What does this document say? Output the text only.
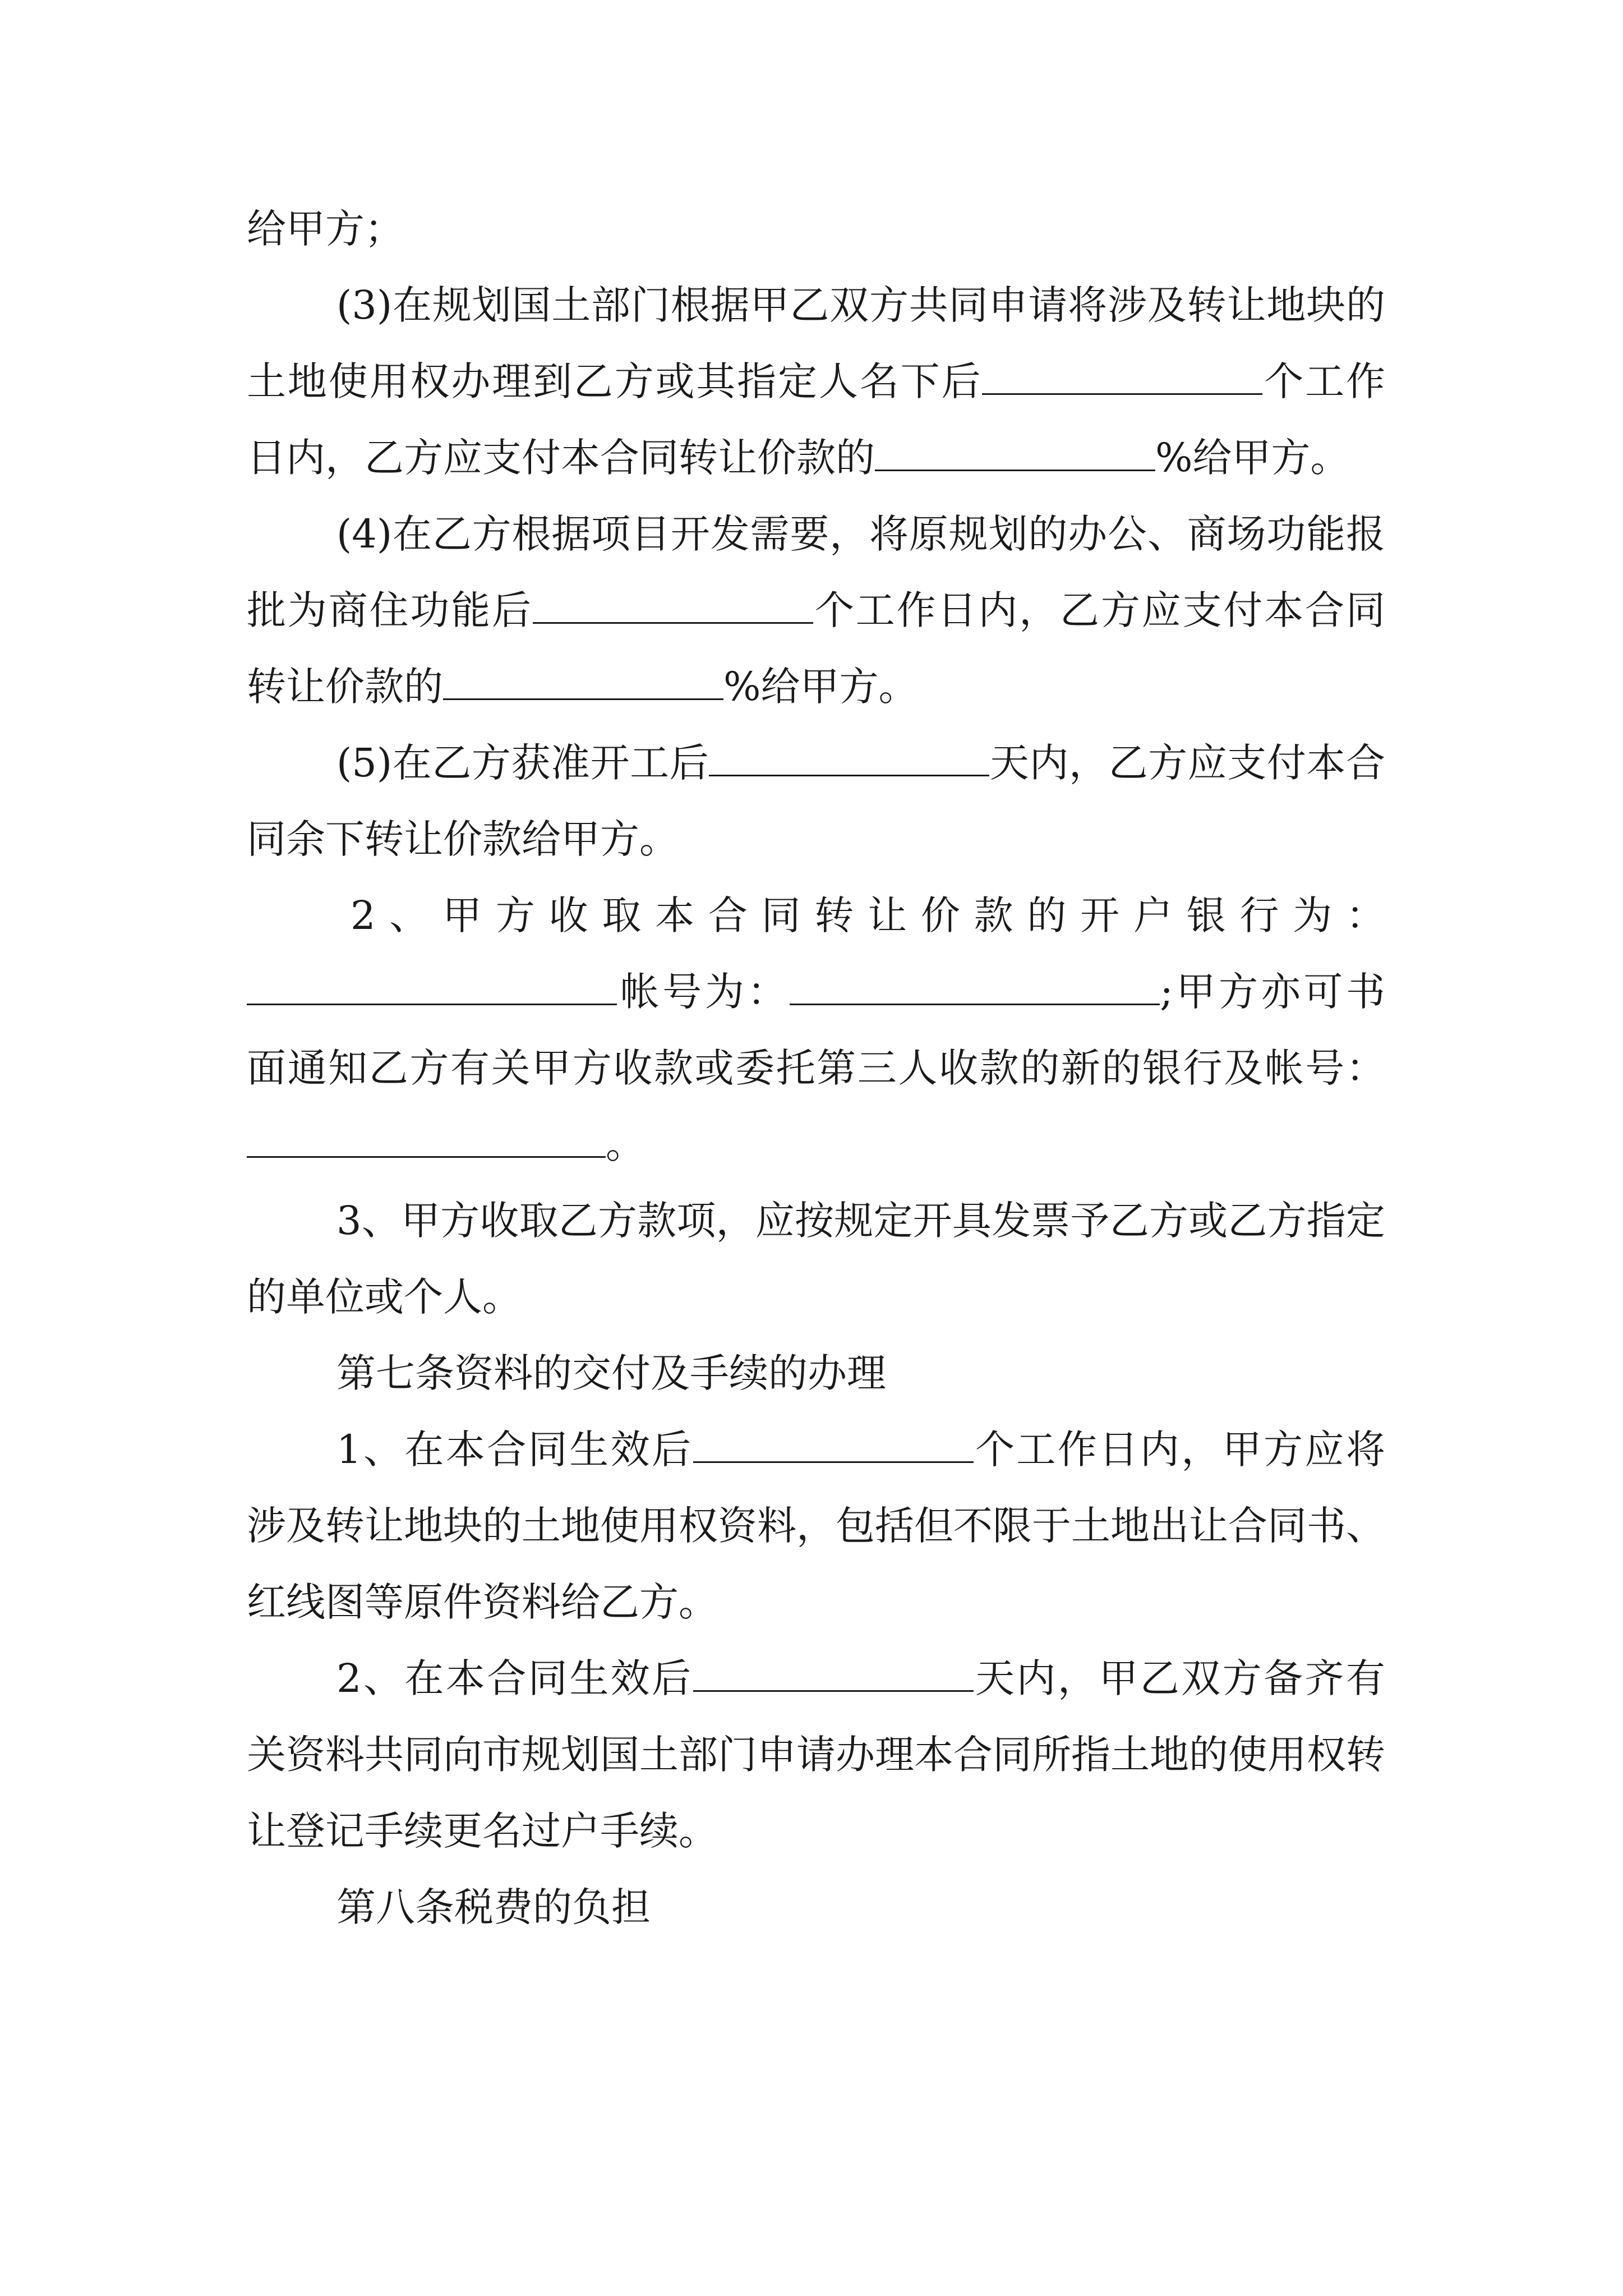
给甲方；

(3)在规划国土部门根据甲乙双方共同申请将涉及转让地块的土地使用权办理到乙方或其指定人名下后	个工作日内，乙方应支付本合同转让价款的	%给甲方。

(4)在乙方根据项目开发需要，将原规划的办公、商场功能报批为商住功能后	个工作日内，乙方应支付本合同转让价款的	%给甲方。

(5)在乙方获准开工后	天内，乙方应支付本合同余下转让价款给甲方。

2、甲方收取本合同转让价款的开户银行为：帐号为：	;甲方亦可书面通知乙方有关甲方收款或委托第三人收款的新的银行及帐号：。

3、甲方收取乙方款项，应按规定开具发票予乙方或乙方指定的单位或个人。

第七条资料的交付及手续的办理

1、在本合同生效后	个工作日内，甲方应将涉及转让地块的土地使用权资料，包括但不限于土地出让合同书、红线图等原件资料给乙方。

2、在本合同生效后	天内，甲乙双方备齐有关资料共同向市规划国土部门申请办理本合同所指土地的使用权转让登记手续更名过户手续。

第八条税费的负担
